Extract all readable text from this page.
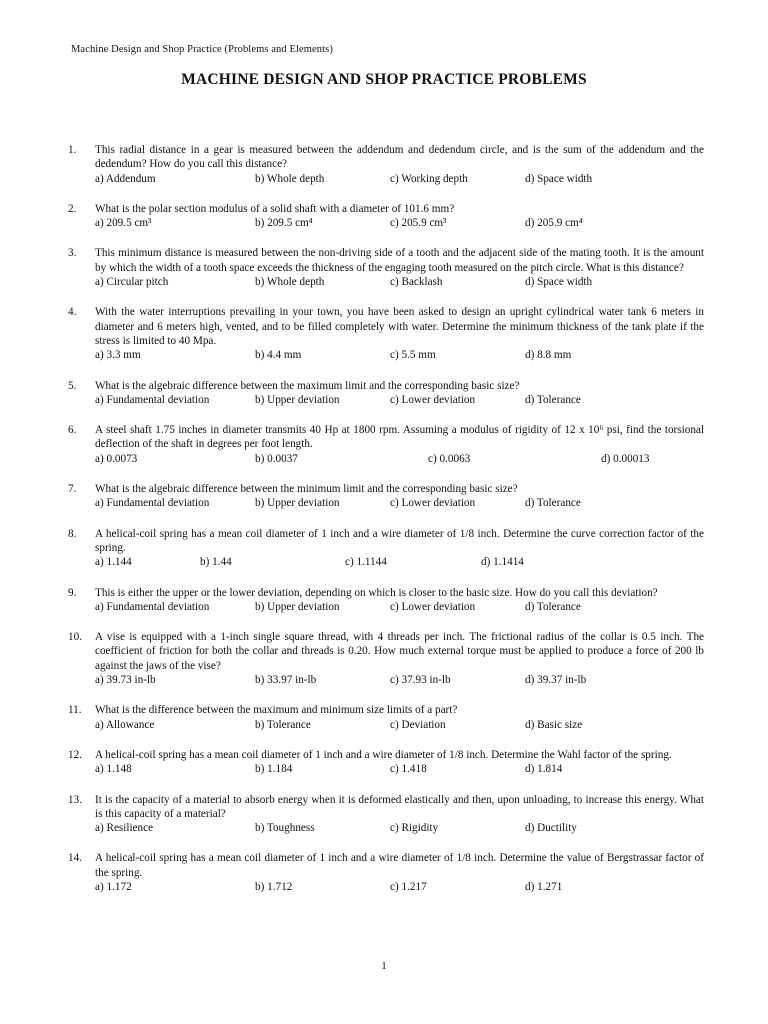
Machine Design and Shop Practice (Problems and Elements)
MACHINE DESIGN AND SHOP PRACTICE PROBLEMS
1.	This radial distance in a gear is measured between the addendum and dedendum circle, and is the sum of the addendum and the dedendum? How do you call this distance?
a) Addendum	b) Whole depth	c) Working depth	d) Space width
2.	What is the polar section modulus of a solid shaft with a diameter of 101.6 mm?
a) 209.5 cm³	b) 209.5 cm⁴	c) 205.9 cm³	d) 205.9 cm⁴
3.	This minimum distance is measured between the non-driving side of a tooth and the adjacent side of the mating tooth. It is the amount by which the width of a tooth space exceeds the thickness of the engaging tooth measured on the pitch circle. What is this distance?
a) Circular pitch	b) Whole depth	c) Backlash	d) Space width
4.	With the water interruptions prevailing in your town, you have been asked to design an upright cylindrical water tank 6 meters in diameter and 6 meters high, vented, and to be filled completely with water. Determine the minimum thickness of the tank plate if the stress is limited to 40 Mpa.
a) 3.3 mm	b) 4.4 mm	c) 5.5 mm	d) 8.8 mm
5.	What is the algebraic difference between the maximum limit and the corresponding basic size?
a) Fundamental deviation	b) Upper deviation	c) Lower deviation	d) Tolerance
6.	A steel shaft 1.75 inches in diameter transmits 40 Hp at 1800 rpm. Assuming a modulus of rigidity of 12 x 10⁶ psi, find the torsional deflection of the shaft in degrees per foot length.
a) 0.0073	b) 0.0037	c) 0.0063	d) 0.00013
7.	What is the algebraic difference between the minimum limit and the corresponding basic size?
a) Fundamental deviation	b) Upper deviation	c) Lower deviation	d) Tolerance
8.	A helical-coil spring has a mean coil diameter of 1 inch and a wire diameter of 1/8 inch. Determine the curve correction factor of the spring.
a) 1.144	b) 1.44	c) 1.1144	d) 1.1414
9.	This is either the upper or the lower deviation, depending on which is closer to the basic size. How do you call this deviation?
a) Fundamental deviation	b) Upper deviation	c) Lower deviation	d) Tolerance
10.	A vise is equipped with a 1-inch single square thread, with 4 threads per inch. The frictional radius of the collar is 0.5 inch. The coefficient of friction for both the collar and threads is 0.20. How much external torque must be applied to produce a force of 200 lb against the jaws of the vise?
a) 39.73 in-lb	b) 33.97 in-lb	c) 37.93 in-lb	d) 39.37 in-lb
11.	What is the difference between the maximum and minimum size limits of a part?
a) Allowance	b) Tolerance	c) Deviation	d) Basic size
12.	A helical-coil spring has a mean coil diameter of 1 inch and a wire diameter of 1/8 inch. Determine the Wahl factor of the spring.
a) 1.148	b) 1.184	c) 1.418	d) 1.814
13.	It is the capacity of a material to absorb energy when it is deformed elastically and then, upon unloading, to increase this energy. What is this capacity of a material?
a) Resilience	b) Toughness	c) Rigidity	d) Ductility
14.	A helical-coil spring has a mean coil diameter of 1 inch and a wire diameter of 1/8 inch. Determine the value of Bergstrassar factor of the spring.
a) 1.172	b) 1.712	c) 1.217	d) 1.271
1
